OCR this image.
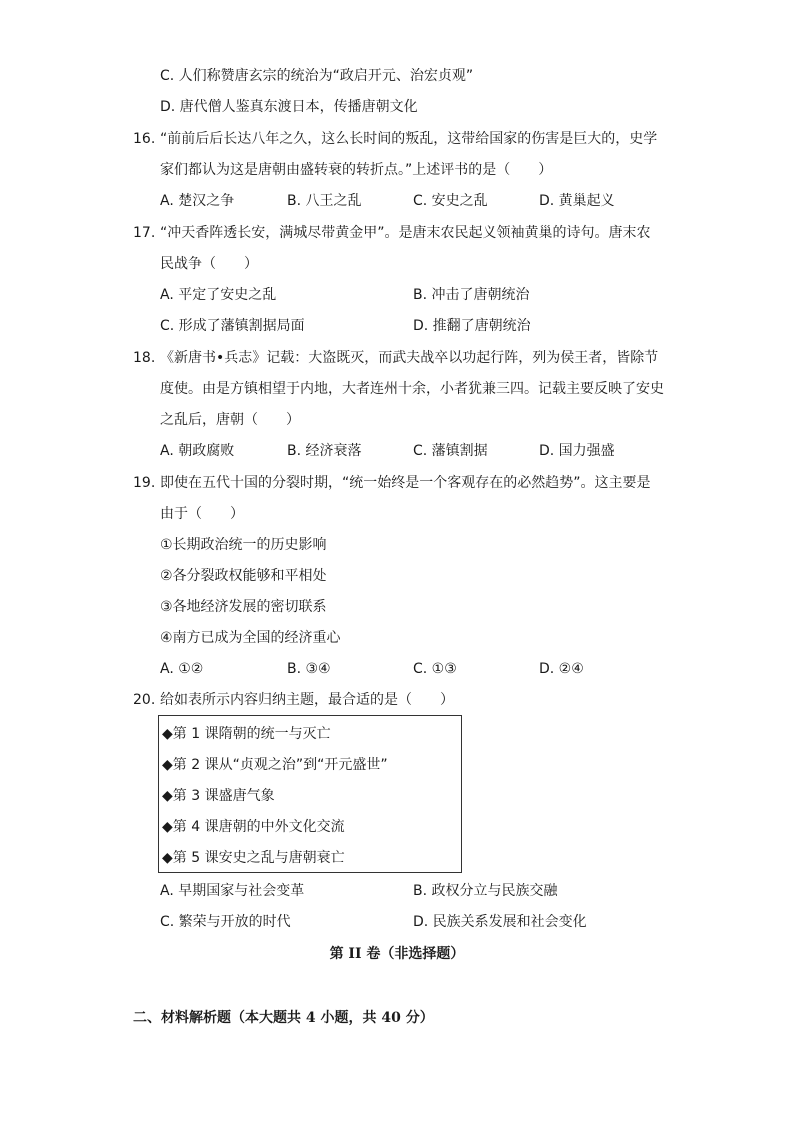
C. 人们称赞唐玄宗的统治为“政启开元、治宏贞观”
D. 唐代僧人鉴真东渡日本，传播唐朝文化
16. “前前后后长达八年之久，这么长时间的叛乱，这带给国家的伤害是巨大的，史学
家们都认为这是唐朝由盛转衰的转折点。”上述评书的是（　　）
A. 楚汉之争	B. 八王之乱	C. 安史之乱	D. 黄巢起义
17. “冲天香阵透长安，满城尽带黄金甲”。是唐末农民起义领袖黄巢的诗句。唐末农
民战争（　　）
A. 平定了安史之乱	B. 冲击了唐朝统治
C. 形成了藩镇割据局面	D. 推翻了唐朝统治
18. 《新唐书•兵志》记载：大盗既灭，而武夫战卒以功起行阵，列为侯王者，皆除节
度使。由是方镇相望于内地，大者连州十余，小者犹兼三四。记载主要反映了安史
之乱后，唐朝（　　）
A. 朝政腐败	B. 经济衰落	C. 藩镇割据	D. 国力强盛
19. 即使在五代十国的分裂时期，“统一始终是一个客观存在的必然趋势”。这主要是
由于（　　）
①长期政治统一的历史影响
②各分裂政权能够和平相处
③各地经济发展的密切联系
④南方已成为全国的经济重心
A. ①②	B. ③④	C. ①③	D. ②④
20. 给如表所示内容归纳主题，最合适的是（　　）
◆第 1 课隋朝的统一与灭亡
◆第 2 课从“贞观之治”到“开元盛世”
◆第 3 课盛唐气象
◆第 4 课唐朝的中外文化交流
◆第 5 课安史之乱与唐朝衰亡
A. 早期国家与社会变革	B. 政权分立与民族交融
C. 繁荣与开放的时代	D. 民族关系发展和社会变化
第 II 卷（非选择题）
二、材料解析题（本大题共 4 小题，共 40 分）
